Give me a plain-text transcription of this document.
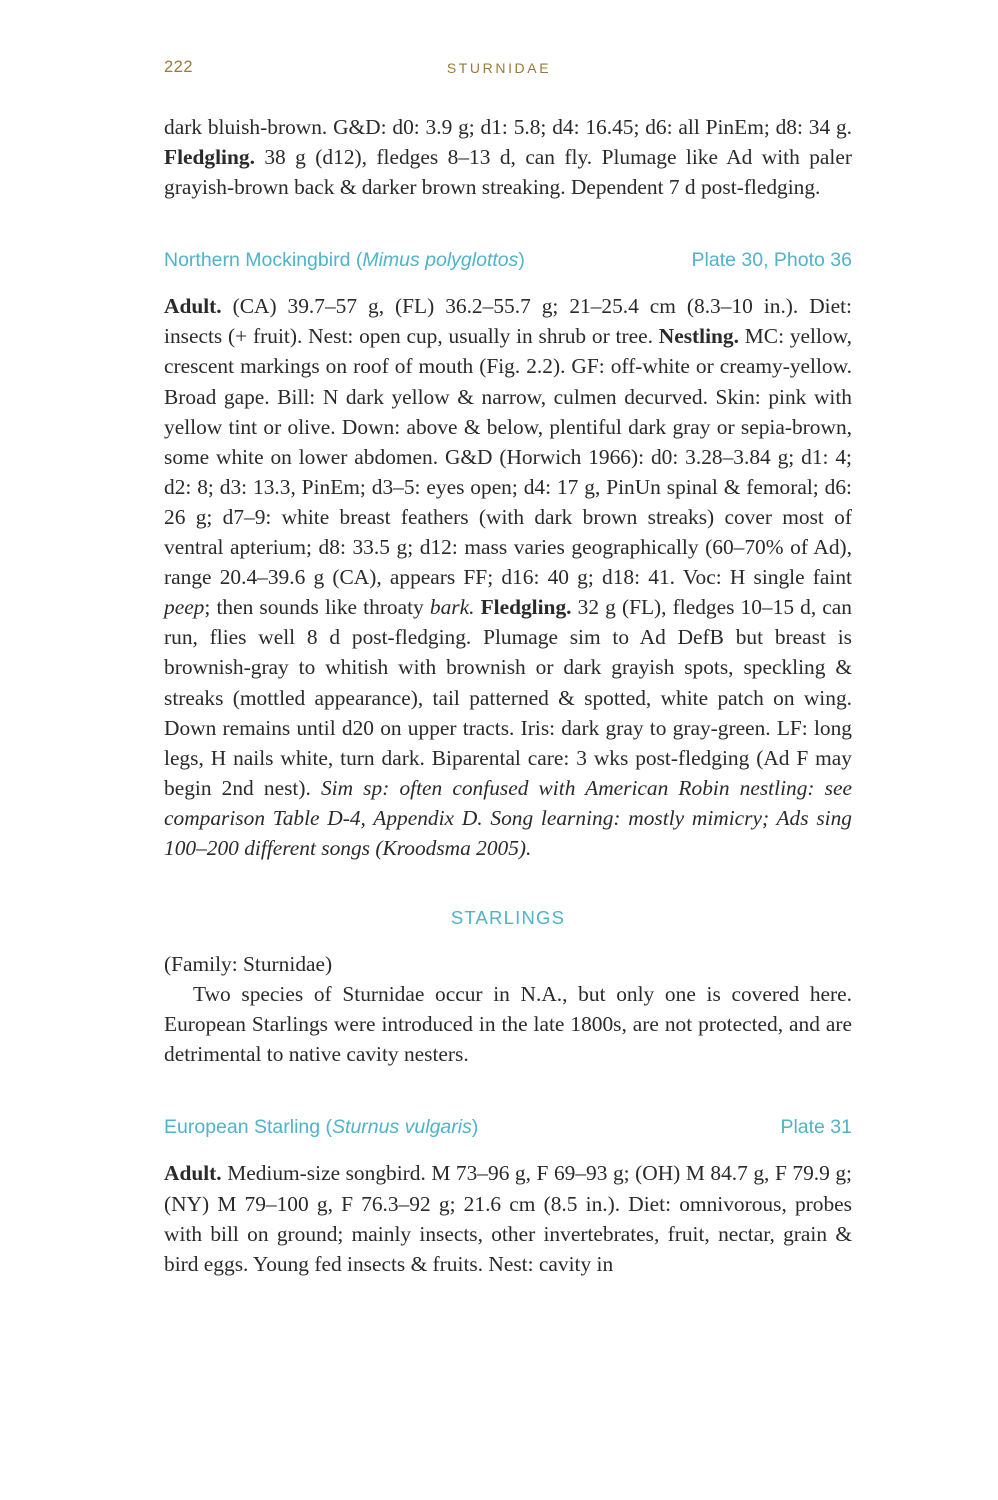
222	STURNIDAE

dark bluish-brown. G&D: d0: 3.9 g; d1: 5.8; d4: 16.45; d6: all PinEm; d8: 34 g. Fledgling. 38 g (d12), fledges 8–13 d, can fly. Plumage like Ad with paler grayish-brown back & darker brown streaking. Dependent 7 d post-fledging.

Northern Mockingbird (Mimus polyglottos)	Plate 30, Photo 36

Adult. (CA) 39.7–57 g, (FL) 36.2–55.7 g; 21–25.4 cm (8.3–10 in.). Diet: insects (+ fruit). Nest: open cup, usually in shrub or tree. Nestling. MC: yellow, crescent markings on roof of mouth (Fig. 2.2). GF: off-white or creamy-yellow. Broad gape. Bill: N dark yellow & narrow, culmen decurved. Skin: pink with yellow tint or olive. Down: above & below, plentiful dark gray or sepia-brown, some white on lower abdomen. G&D (Horwich 1966): d0: 3.28–3.84 g; d1: 4; d2: 8; d3: 13.3, PinEm; d3–5: eyes open; d4: 17 g, PinUn spinal & femoral; d6: 26 g; d7–9: white breast feathers (with dark brown streaks) cover most of ventral apterium; d8: 33.5 g; d12: mass varies geographically (60–70% of Ad), range 20.4–39.6 g (CA), appears FF; d16: 40 g; d18: 41. Voc: H single faint peep; then sounds like throaty bark. Fledgling. 32 g (FL), fledges 10–15 d, can run, flies well 8 d post-fledging. Plumage sim to Ad DefB but breast is brownish-gray to whitish with brownish or dark grayish spots, speckling & streaks (mottled appearance), tail patterned & spotted, white patch on wing. Down remains until d20 on upper tracts. Iris: dark gray to gray-green. LF: long legs, H nails white, turn dark. Biparental care: 3 wks post-fledging (Ad F may begin 2nd nest). Sim sp: often confused with American Robin nestling: see comparison Table D-4, Appendix D. Song learning: mostly mimicry; Ads sing 100–200 different songs (Kroodsma 2005).

STARLINGS

(Family: Sturnidae)

Two species of Sturnidae occur in N.A., but only one is covered here. European Starlings were introduced in the late 1800s, are not protected, and are detrimental to native cavity nesters.

European Starling (Sturnus vulgaris)	Plate 31

Adult. Medium-size songbird. M 73–96 g, F 69–93 g; (OH) M 84.7 g, F 79.9 g; (NY) M 79–100 g, F 76.3–92 g; 21.6 cm (8.5 in.). Diet: omnivorous, probes with bill on ground; mainly insects, other invertebrates, fruit, nectar, grain & bird eggs. Young fed insects & fruits. Nest: cavity in
